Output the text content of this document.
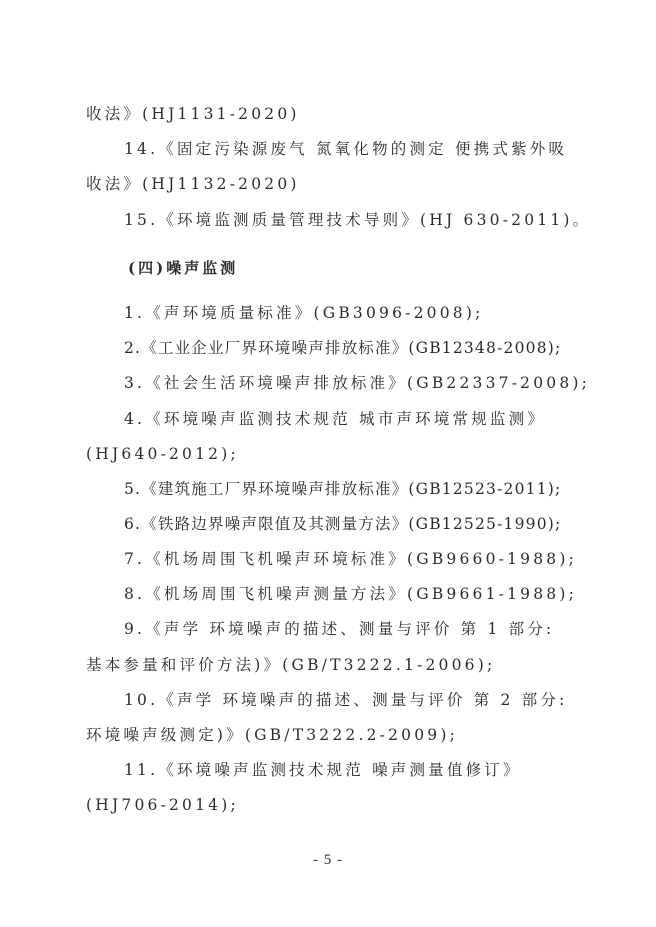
收法》(HJ1131-2020)
14.《固定污染源废气 氮氧化物的测定 便携式紫外吸
收法》(HJ1132-2020)
15.《环境监测质量管理技术导则》(HJ 630-2011)。
(四)噪声监测
1.《声环境质量标准》(GB3096-2008);
2.《工业企业厂界环境噪声排放标准》(GB12348-2008);
3.《社会生活环境噪声排放标准》(GB22337-2008);
4.《环境噪声监测技术规范 城市声环境常规监测》
(HJ640-2012);
5.《建筑施工厂界环境噪声排放标准》(GB12523-2011);
6.《铁路边界噪声限值及其测量方法》(GB12525-1990);
7.《机场周围飞机噪声环境标准》(GB9660-1988);
8.《机场周围飞机噪声测量方法》(GB9661-1988);
9.《声学 环境噪声的描述、测量与评价 第 1 部分:
基本参量和评价方法)》(GB/T3222.1-2006);
10.《声学 环境噪声的描述、测量与评价 第 2 部分:
环境噪声级测定)》(GB/T3222.2-2009);
11.《环境噪声监测技术规范 噪声测量值修订》
(HJ706-2014);
- 5 -
